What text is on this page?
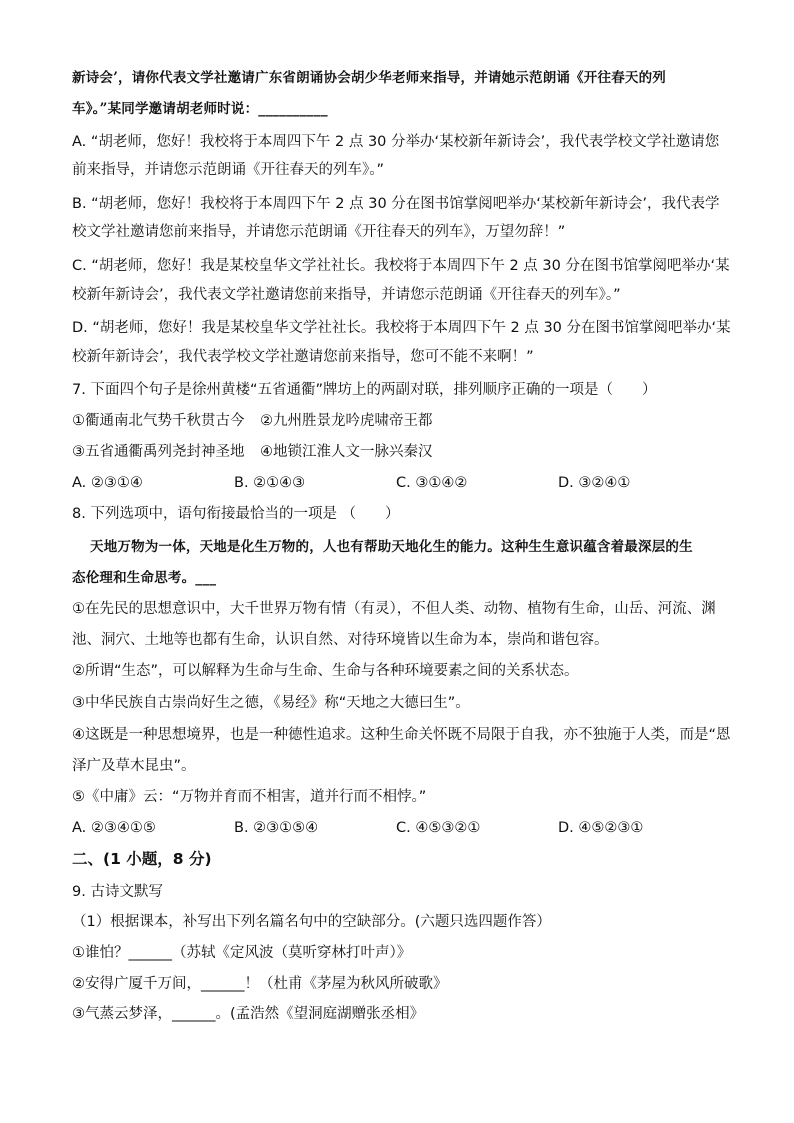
新诗会’，请你代表文学社邀请广东省朗诵协会胡少华老师来指导，并请她示范朗诵《开往春天的列
车》。”某同学邀请胡老师时说：__________
A. “胡老师，您好！我校将于本周四下午 2 点 30 分举办‘某校新年新诗会’，我代表学校文学社邀请您
前来指导，并请您示范朗诵《开往春天的列车》。”
B. “胡老师，您好！我校将于本周四下午 2 点 30 分在图书馆掌阅吧举办‘某校新年新诗会’，我代表学
校文学社邀请您前来指导，并请您示范朗诵《开往春天的列车》，万望勿辞！”
C. “胡老师，您好！我是某校皇华文学社社长。我校将于本周四下午 2 点 30 分在图书馆掌阅吧举办‘某
校新年新诗会’，我代表文学社邀请您前来指导，并请您示范朗诵《开往春天的列车》。”
D. “胡老师，您好！我是某校皇华文学社社长。我校将于本周四下午 2 点 30 分在图书馆掌阅吧举办‘某
校新年新诗会’，我代表学校文学社邀请您前来指导，您可不能不来啊！”
7. 下面四个句子是徐州黄楼“五省通衢”牌坊上的两副对联，排列顺序正确的一项是（　　）
①衢通南北气势千秋贯古今 ②九州胜景龙吟虎啸帝王都
③五省通衢禹列尧封神圣地 ④地锁江淮人文一脉兴秦汉
A. ②③①④	B. ②①④③	C. ③①④②	D. ③②④①
8. 下列选项中，语句衔接最恰当的一项是 （　　）
天地万物为一体，天地是化生万物的，人也有帮助天地化生的能力。这种生生意识蕴含着最深层的生
态伦理和生命思考。___
①在先民的思想意识中，大千世界万物有情（有灵），不但人类、动物、植物有生命，山岳、河流、渊
池、洞穴、土地等也都有生命，认识自然、对待环境皆以生命为本，崇尚和谐包容。
②所谓“生态”，可以解释为生命与生命、生命与各种环境要素之间的关系状态。
③中华民族自古崇尚好生之德，《易经》称“天地之大德曰生”。
④这既是一种思想境界，也是一种德性追求。这种生命关怀既不局限于自我，亦不独施于人类，而是“恩
泽广及草木昆虫”。
⑤《中庸》云：“万物并育而不相害，道并行而不相悖。”
A. ②③④①⑤	B. ②③①⑤④	C. ④⑤③②①	D. ④⑤②③①
二、(1 小题，8 分)
9. 古诗文默写
（1）根据课本，补写出下列名篇名句中的空缺部分。(六题只选四题作答）
①谁怕？______（苏轼《定风波（莫听穿林打叶声）》
②安得广厦千万间，______！（杜甫《茅屋为秋风所破歌》
③气蒸云梦泽，______。(孟浩然《望洞庭湖赠张丞相》
